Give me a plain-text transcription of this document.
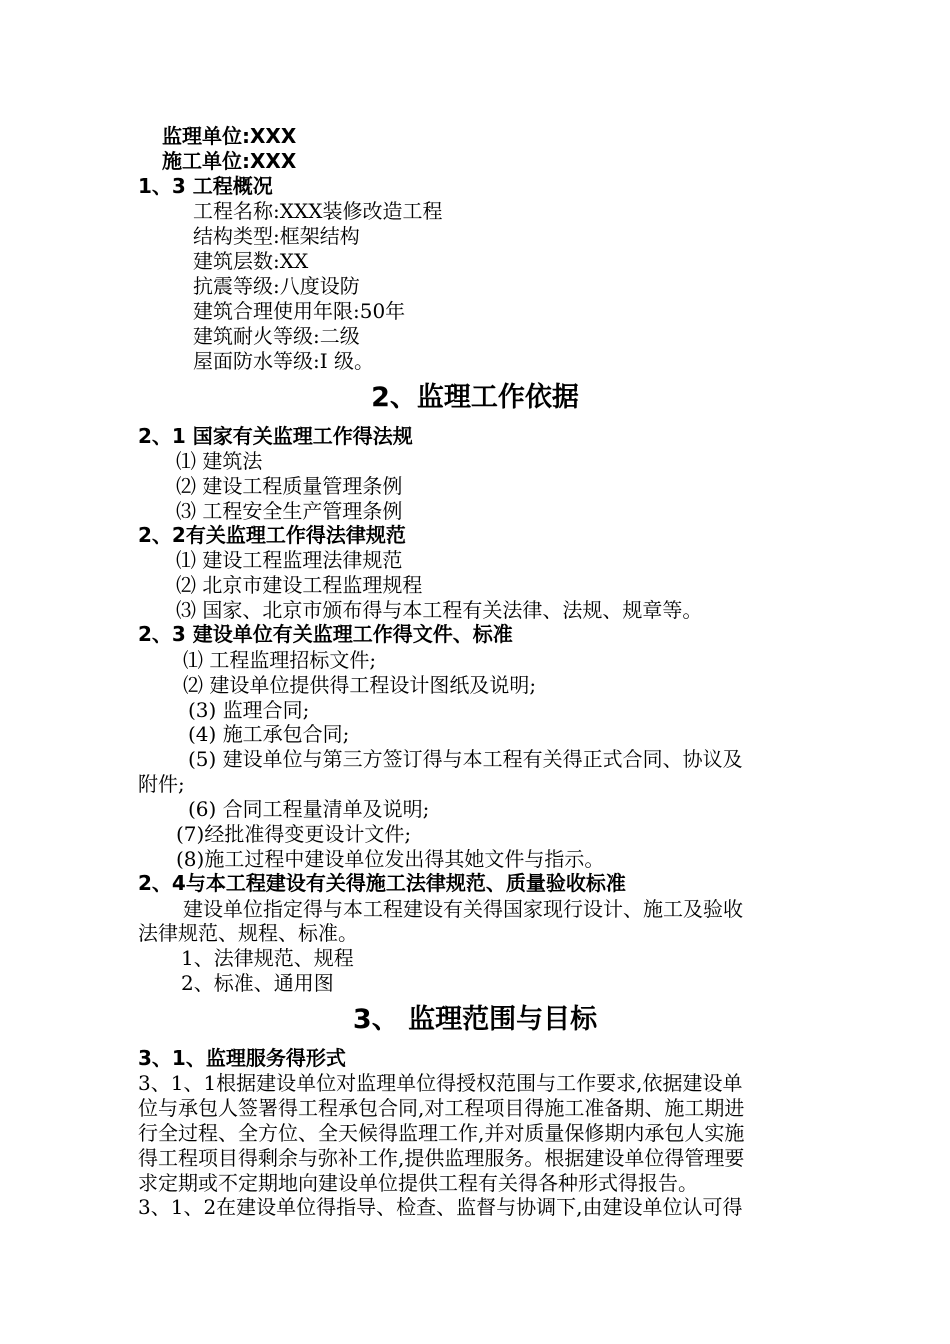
监理单位:XXX
施工单位:XXX
1、3 工程概况
工程名称:XXX装修改造工程
结构类型:框架结构
建筑层数:XX
抗震等级:八度设防
建筑合理使用年限:50年
建筑耐火等级:二级
屋面防水等级:Ⅰ 级。
2、监理工作依据
2、1 国家有关监理工作得法规
⑴ 建筑法
⑵ 建设工程质量管理条例
⑶ 工程安全生产管理条例
2、2有关监理工作得法律规范
⑴ 建设工程监理法律规范
⑵ 北京市建设工程监理规程
⑶ 国家、北京市颁布得与本工程有关法律、法规、规章等。
2、3 建设单位有关监理工作得文件、标准
⑴ 工程监理招标文件;
⑵ 建设单位提供得工程设计图纸及说明;
(3) 监理合同;
(4) 施工承包合同;
(5) 建设单位与第三方签订得与本工程有关得正式合同、协议及
附件;
(6) 合同工程量清单及说明;
(7)经批准得变更设计文件;
(8)施工过程中建设单位发出得其她文件与指示。
2、4与本工程建设有关得施工法律规范、质量验收标准
建设单位指定得与本工程建设有关得国家现行设计、施工及验收
法律规范、规程、标准。
1、法律规范、规程
2、标准、通用图
3、 监理范围与目标
3、1、监理服务得形式
3、1、1根据建设单位对监理单位得授权范围与工作要求,依据建设单
位与承包人签署得工程承包合同,对工程项目得施工准备期、施工期进
行全过程、全方位、全天候得监理工作,并对质量保修期内承包人实施
得工程项目得剩余与弥补工作,提供监理服务。根据建设单位得管理要
求定期或不定期地向建设单位提供工程有关得各种形式得报告。
3、1、2在建设单位得指导、检查、监督与协调下,由建设单位认可得
